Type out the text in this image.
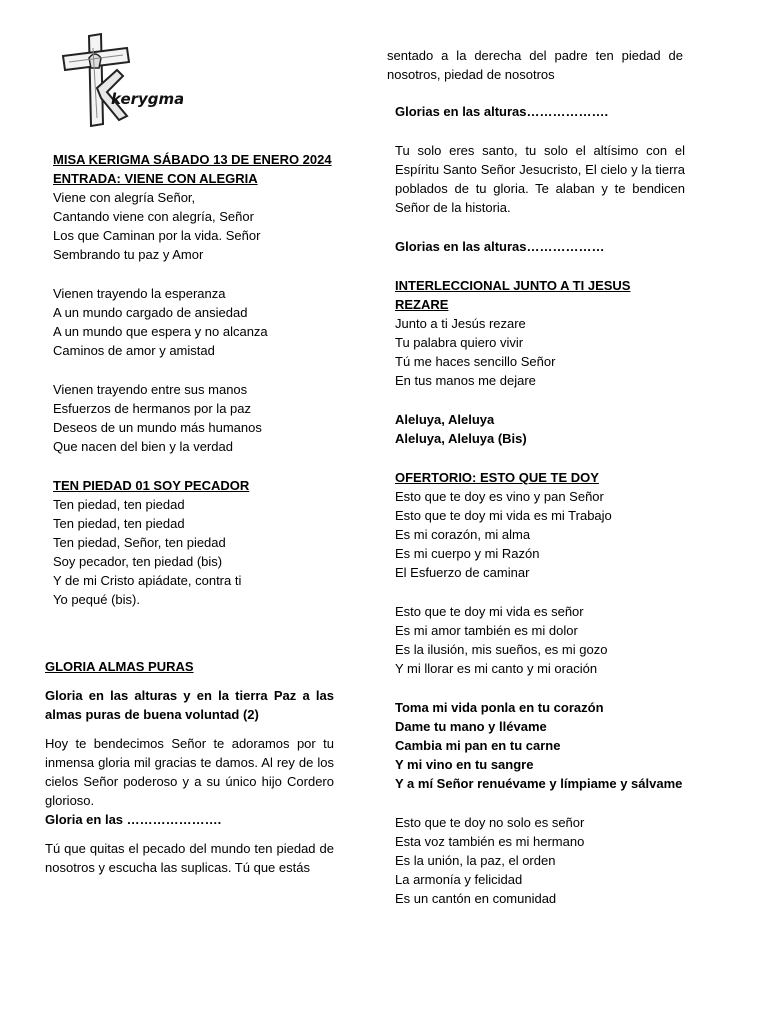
kerygma
MISA KERIGMA SÁBADO 13 DE ENERO 2024
ENTRADA: VIENE CON ALEGRIA
Viene con alegría Señor,
Cantando viene con alegría, Señor
Los que Caminan por la vida. Señor
Sembrando tu paz y Amor
Vienen trayendo la esperanza
A un mundo cargado de ansiedad
A un mundo que espera y no alcanza
Caminos de amor y amistad
Vienen trayendo entre sus manos
Esfuerzos de hermanos por la paz
Deseos de un mundo más humanos
Que nacen del bien y la verdad
TEN PIEDAD 01 SOY PECADOR
Ten piedad, ten piedad
Ten piedad, ten piedad
Ten piedad, Señor, ten piedad
Soy pecador, ten piedad (bis)
Y de mi Cristo apiádate, contra ti
Yo pequé (bis).
GLORIA ALMAS PURAS
Gloria en las alturas y en la tierra Paz a las almas puras de buena voluntad (2)
Hoy te bendecimos Señor te adoramos por tu inmensa gloria mil gracias te damos. Al rey de los cielos Señor poderoso y a su único hijo Cordero glorioso.
Gloria en las ………………….
Tú que quitas el pecado del mundo ten piedad de nosotros y escucha las suplicas. Tú que estás
sentado a la derecha del padre ten piedad de nosotros, piedad de nosotros
Glorias en las alturas……………….
Tu solo eres santo, tu solo el altísimo con el Espíritu Santo Señor Jesucristo, El cielo y la tierra poblados de tu gloria. Te alaban y te bendicen Señor de la historia.
Glorias en las alturas………………
INTERLECCIONAL JUNTO A TI JESUS REZARE
Junto a ti Jesús rezare
Tu palabra quiero vivir
Tú me haces sencillo Señor
En tus manos me dejare
Aleluya, Aleluya
Aleluya, Aleluya (Bis)
OFERTORIO: ESTO QUE TE DOY
Esto que te doy es vino y pan Señor
Esto que te doy mi vida es mi Trabajo
Es mi corazón, mi alma
Es mi cuerpo y mi Razón
El Esfuerzo de caminar
Esto que te doy mi vida es señor
Es mi amor también es mi dolor
Es la ilusión, mis sueños, es mi gozo
Y mi llorar es mi canto y mi oración
Toma mi vida ponla en tu corazón
Dame tu mano y llévame
Cambia mi pan en tu carne
Y mi vino en tu sangre
Y a mí Señor renuévame y límpiame y sálvame
Esto que te doy no solo es señor
Esta voz también es mi hermano
Es la unión, la paz, el orden
La armonía y felicidad
Es un cantón en comunidad
